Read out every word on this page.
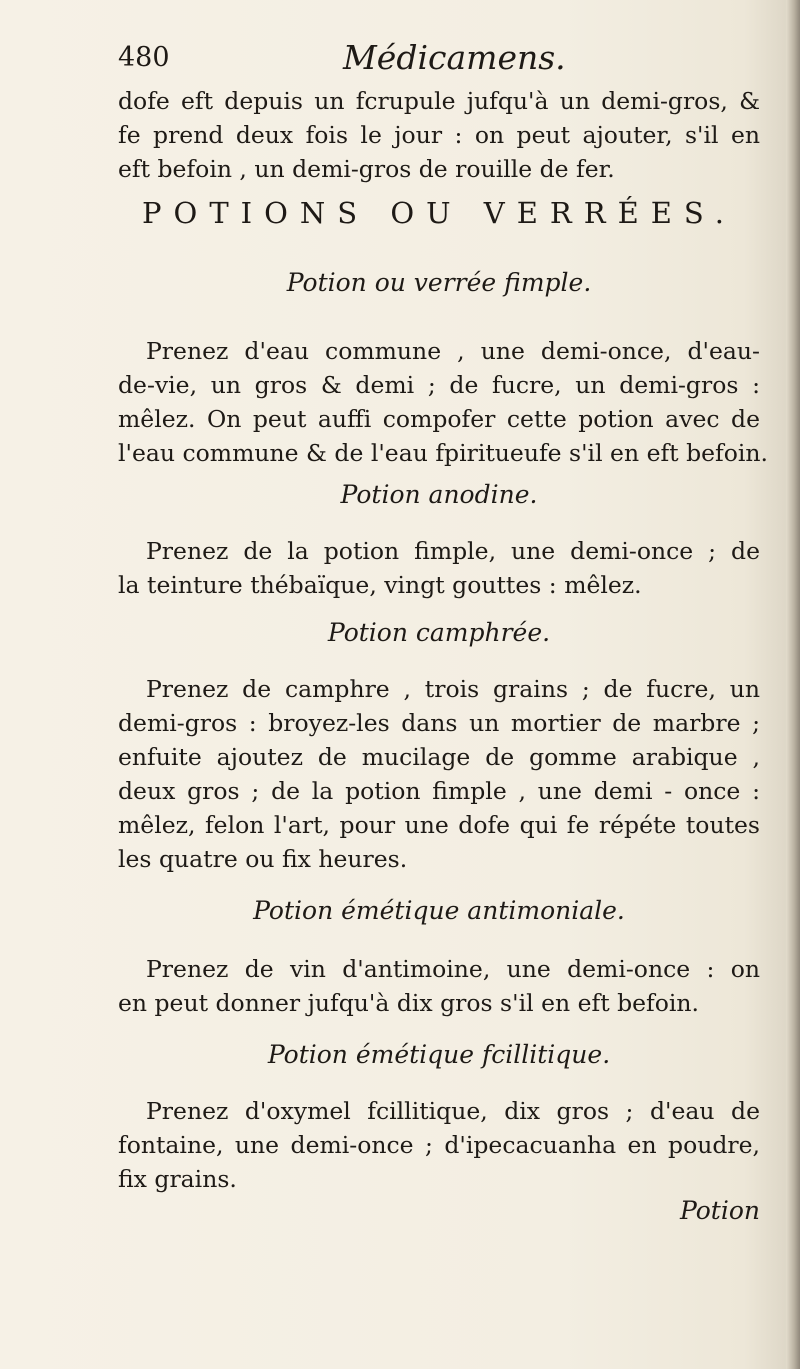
480	Médicamens.
dofe eft depuis un fcrupule jufqu'à un demi-gros, &
fe prend deux fois le jour : on peut ajouter, s'il en
eft befoin , un demi-gros de rouille de fer.
POTIONS OU VERRÉES.
Potion ou verrée fimple.
Prenez d'eau commune , une demi-once, d'eau-
de-vie, un gros & demi ; de fucre, un demi-gros :
mêlez. On peut auffi compofer cette potion avec de
l'eau commune & de l'eau fpiritueufe s'il en eft befoin.
Potion anodine.
Prenez de la potion fimple, une demi-once ; de
la teinture thébaïque, vingt gouttes : mêlez.
Potion camphrée.
Prenez de camphre , trois grains ; de fucre, un
demi-gros : broyez-les dans un mortier de marbre ;
enfuite ajoutez de mucilage de gomme arabique ,
deux gros ; de la potion fimple , une demi - once :
mêlez, felon l'art, pour une dofe qui fe répéte toutes
les quatre ou fix heures.
Potion émétique antimoniale.
Prenez de vin d'antimoine, une demi-once : on
en peut donner jufqu'à dix gros s'il en eft befoin.
Potion émétique fcillitique.
Prenez d'oxymel fcillitique, dix gros ; d'eau de
fontaine, une demi-once ; d'ipecacuanha en poudre,
fix grains.
Potion
